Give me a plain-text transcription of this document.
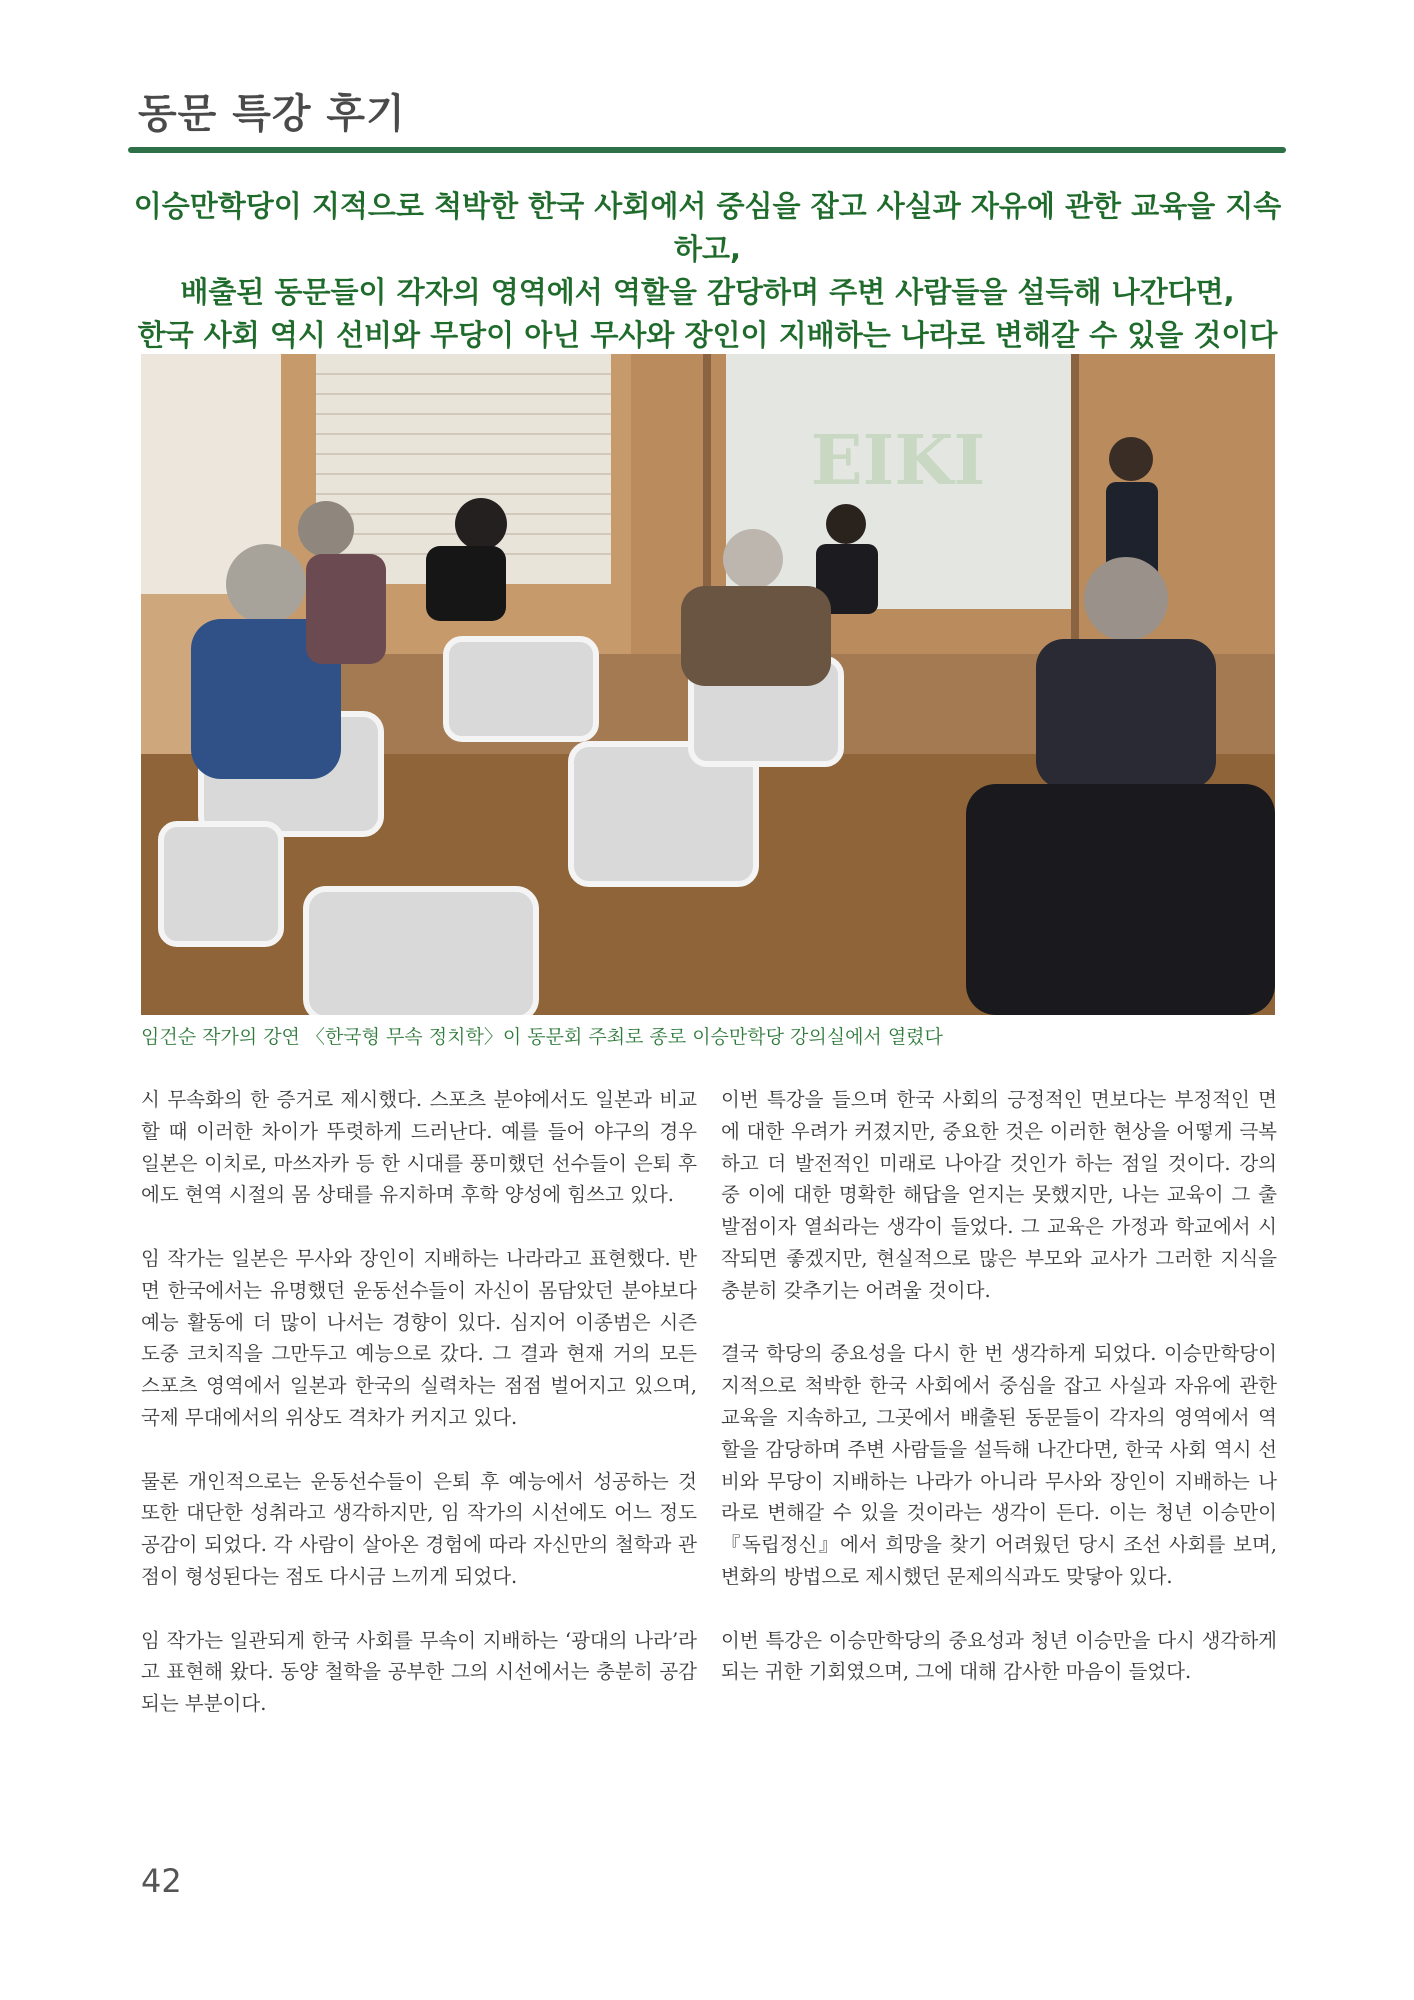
동문 특강 후기
이승만학당이 지적으로 척박한 한국 사회에서 중심을 잡고 사실과 자유에 관한 교육을 지속하고,
배출된 동문들이 각자의 영역에서 역할을 감당하며 주변 사람들을 설득해 나간다면,
한국 사회 역시 선비와 무당이 아닌 무사와 장인이 지배하는 나라로 변해갈 수 있을 것이다
EIKI
임건순 작가의 강연 〈한국형 무속 정치학〉이 동문회 주최로 종로 이승만학당 강의실에서 열렸다

시 무속화의 한 증거로 제시했다. 스포츠 분야에서도 일본과 비교할 때 이러한 차이가 뚜렷하게 드러난다. 예를 들어 야구의 경우 일본은 이치로, 마쓰자카 등 한 시대를 풍미했던 선수들이 은퇴 후에도 현역 시절의 몸 상태를 유지하며 후학 양성에 힘쓰고 있다.

임 작가는 일본은 무사와 장인이 지배하는 나라라고 표현했다. 반면 한국에서는 유명했던 운동선수들이 자신이 몸담았던 분야보다 예능 활동에 더 많이 나서는 경향이 있다. 심지어 이종범은 시즌 도중 코치직을 그만두고 예능으로 갔다. 그 결과 현재 거의 모든 스포츠 영역에서 일본과 한국의 실력차는 점점 벌어지고 있으며, 국제 무대에서의 위상도 격차가 커지고 있다.

물론 개인적으로는 운동선수들이 은퇴 후 예능에서 성공하는 것 또한 대단한 성취라고 생각하지만, 임 작가의 시선에도 어느 정도 공감이 되었다. 각 사람이 살아온 경험에 따라 자신만의 철학과 관점이 형성된다는 점도 다시금 느끼게 되었다.

임 작가는 일관되게 한국 사회를 무속이 지배하는 ‘광대의 나라’라고 표현해 왔다. 동양 철학을 공부한 그의 시선에서는 충분히 공감되는 부분이다.

이번 특강을 들으며 한국 사회의 긍정적인 면보다는 부정적인 면에 대한 우려가 커졌지만, 중요한 것은 이러한 현상을 어떻게 극복하고 더 발전적인 미래로 나아갈 것인가 하는 점일 것이다. 강의 중 이에 대한 명확한 해답을 얻지는 못했지만, 나는 교육이 그 출발점이자 열쇠라는 생각이 들었다. 그 교육은 가정과 학교에서 시작되면 좋겠지만, 현실적으로 많은 부모와 교사가 그러한 지식을 충분히 갖추기는 어려울 것이다.

결국 학당의 중요성을 다시 한 번 생각하게 되었다. 이승만학당이 지적으로 척박한 한국 사회에서 중심을 잡고 사실과 자유에 관한 교육을 지속하고, 그곳에서 배출된 동문들이 각자의 영역에서 역할을 감당하며 주변 사람들을 설득해 나간다면, 한국 사회 역시 선비와 무당이 지배하는 나라가 아니라 무사와 장인이 지배하는 나라로 변해갈 수 있을 것이라는 생각이 든다. 이는 청년 이승만이 『독립정신』에서 희망을 찾기 어려웠던 당시 조선 사회를 보며, 변화의 방법으로 제시했던 문제의식과도 맞닿아 있다.

이번 특강은 이승만학당의 중요성과 청년 이승만을 다시 생각하게 되는 귀한 기회였으며, 그에 대해 감사한 마음이 들었다.

42
